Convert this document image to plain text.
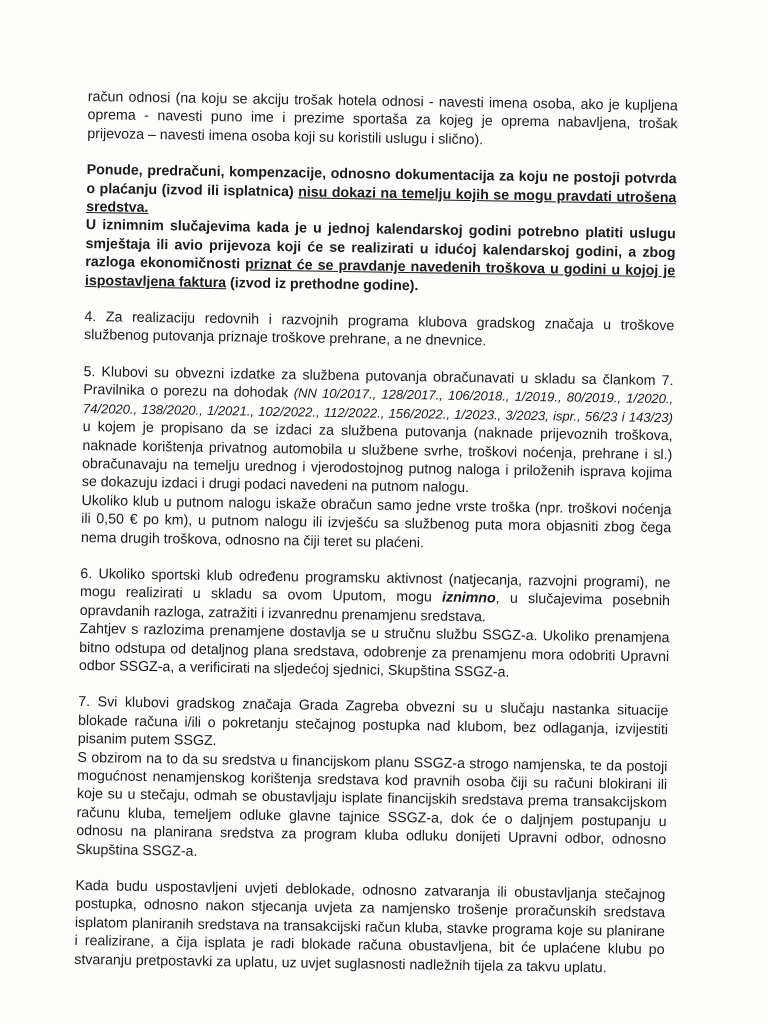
račun odnosi (na koju se akciju trošak hotela odnosi - navesti imena osoba, ako je kupljena oprema - navesti puno ime i prezime sportaša za kojeg je oprema nabavljena, trošak prijevoza – navesti imena osoba koji su koristili uslugu i slično).

Ponude, predračuni, kompenzacije, odnosno dokumentacija za koju ne postoji potvrda o plaćanju (izvod ili isplatnica) nisu dokazi na temelju kojih se mogu pravdati utrošena sredstva.

U iznimnim slučajevima kada je u jednoj kalendarskoj godini potrebno platiti uslugu smještaja ili avio prijevoza koji će se realizirati u idućoj kalendarskoj godini, a zbog razloga ekonomičnosti priznat će se pravdanje navedenih troškova u godini u kojoj je ispostavljena faktura (izvod iz prethodne godine).

4. Za realizaciju redovnih i razvojnih programa klubova gradskog značaja u troškove službenog putovanja priznaje troškove prehrane, a ne dnevnice.

5. Klubovi su obvezni izdatke za službena putovanja obračunavati u skladu sa člankom 7. Pravilnika o porezu na dohodak (NN 10/2017., 128/2017., 106/2018., 1/2019., 80/2019., 1/2020., 74/2020., 138/2020., 1/2021., 102/2022., 112/2022., 156/2022., 1/2023., 3/2023, ispr., 56/23 i 143/23) u kojem je propisano da se izdaci za službena putovanja (naknade prijevoznih troškova, naknade korištenja privatnog automobila u službene svrhe, troškovi noćenja, prehrane i sl.) obračunavaju na temelju urednog i vjerodostojnog putnog naloga i priloženih isprava kojima se dokazuju izdaci i drugi podaci navedeni na putnom nalogu.

Ukoliko klub u putnom nalogu iskaže obračun samo jedne vrste troška (npr. troškovi noćenja ili 0,50 € po km), u putnom nalogu ili izvješću sa službenog puta mora objasniti zbog čega nema drugih troškova, odnosno na čiji teret su plaćeni.

6. Ukoliko sportski klub određenu programsku aktivnost (natjecanja, razvojni programi), ne mogu realizirati u skladu sa ovom Uputom, mogu iznimno, u slučajevima posebnih opravdanih razloga, zatražiti i izvanrednu prenamjenu sredstava.

Zahtjev s razlozima prenamjene dostavlja se u stručnu službu SSGZ-a. Ukoliko prenamjena bitno odstupa od detaljnog plana sredstava, odobrenje za prenamjenu mora odobriti Upravni odbor SSGZ-a, a verificirati na sljedećoj sjednici, Skupština SSGZ-a.

7. Svi klubovi gradskog značaja Grada Zagreba obvezni su u slučaju nastanka situacije blokade računa i/ili o pokretanju stečajnog postupka nad klubom, bez odlaganja, izvijestiti pisanim putem SSGZ.

S obzirom na to da su sredstva u financijskom planu SSGZ-a strogo namjenska, te da postoji mogućnost nenamjenskog korištenja sredstava kod pravnih osoba čiji su računi blokirani ili koje su u stečaju, odmah se obustavljaju isplate financijskih sredstava prema transakcijskom računu kluba, temeljem odluke glavne tajnice SSGZ-a, dok će o daljnjem postupanju u odnosu na planirana sredstva za program kluba odluku donijeti Upravni odbor, odnosno Skupština SSGZ-a.

Kada budu uspostavljeni uvjeti deblokade, odnosno zatvaranja ili obustavljanja stečajnog postupka, odnosno nakon stjecanja uvjeta za namjensko trošenje proračunskih sredstava isplatom planiranih sredstava na transakcijski račun kluba, stavke programa koje su planirane i realizirane, a čija isplata je radi blokade računa obustavljena, bit će uplaćene klubu po stvaranju pretpostavki za uplatu, uz uvjet suglasnosti nadležnih tijela za takvu uplatu.
